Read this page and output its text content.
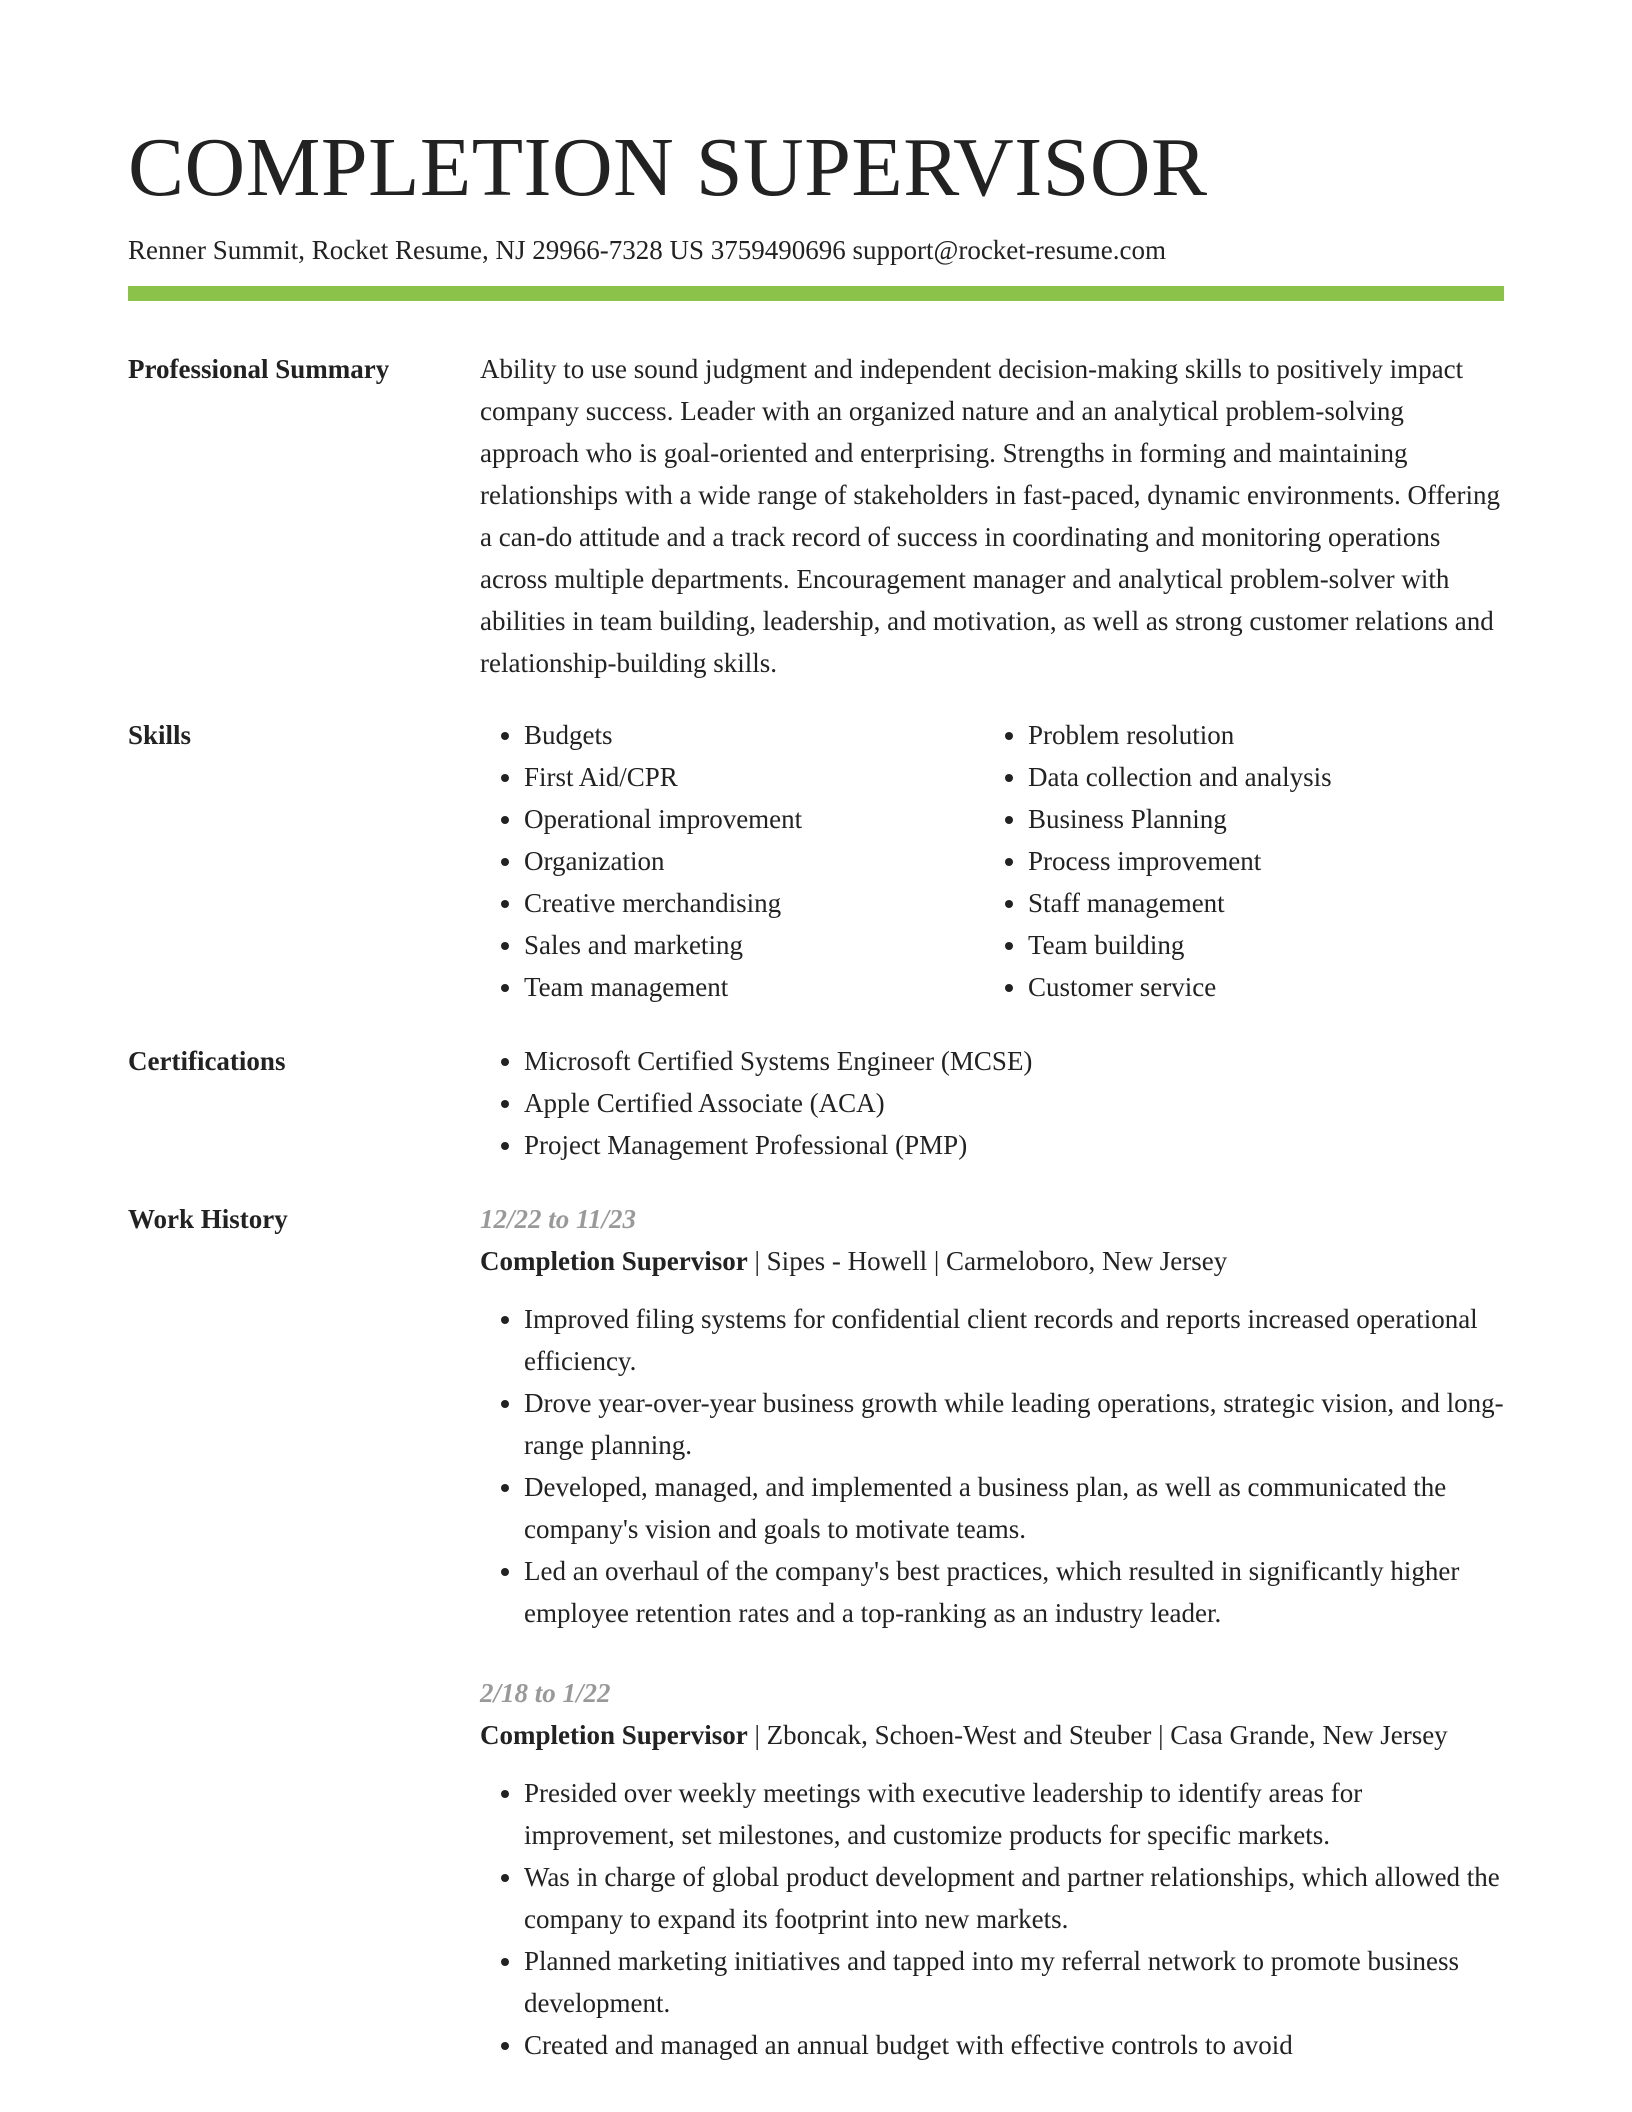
COMPLETION SUPERVISOR
Renner Summit, Rocket Resume, NJ 29966-7328 US 3759490696 support@rocket-resume.com
Professional Summary	Ability to use sound judgment and independent decision-making skills to positively impact company success. Leader with an organized nature and an analytical problem-solving approach who is goal-oriented and enterprising. Strengths in forming and maintaining relationships with a wide range of stakeholders in fast-paced, dynamic environments. Offering a can-do attitude and a track record of success in coordinating and monitoring operations across multiple departments. Encouragement manager and analytical problem-solver with abilities in team building, leadership, and motivation, as well as strong customer relations and relationship-building skills.

Skills	• Budgets
• First Aid/CPR
• Operational improvement
• Organization
• Creative merchandising
• Sales and marketing
• Team management
• Problem resolution
• Data collection and analysis
• Business Planning
• Process improvement
• Staff management
• Team building
• Customer service
Certifications	• Microsoft Certified Systems Engineer (MCSE)
• Apple Certified Associate (ACA)
• Project Management Professional (PMP)
Work History	12/22 to 11/23
Completion Supervisor | Sipes - Howell | Carmeloboro, New Jersey
• Improved filing systems for confidential client records and reports increased operational efficiency.
• Drove year-over-year business growth while leading operations, strategic vision, and long-range planning.
• Developed, managed, and implemented a business plan, as well as communicated the company's vision and goals to motivate teams.
• Led an overhaul of the company's best practices, which resulted in significantly higher employee retention rates and a top-ranking as an industry leader.
2/18 to 1/22
Completion Supervisor | Zboncak, Schoen-West and Steuber | Casa Grande, New Jersey
• Presided over weekly meetings with executive leadership to identify areas for improvement, set milestones, and customize products for specific markets.
• Was in charge of global product development and partner relationships, which allowed the company to expand its footprint into new markets.
• Planned marketing initiatives and tapped into my referral network to promote business development.
• Created and managed an annual budget with effective controls to avoid
